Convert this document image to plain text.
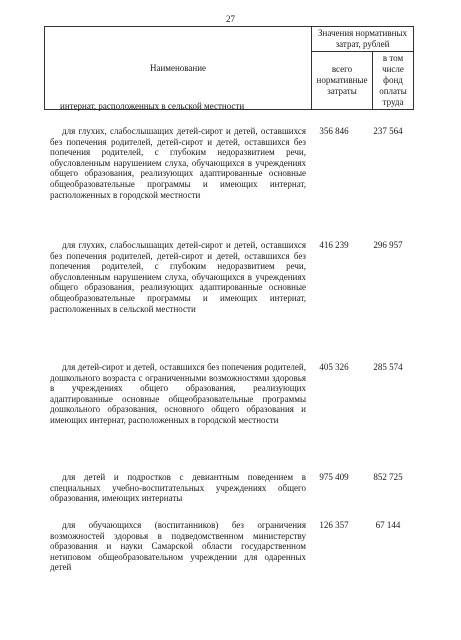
27
Наименование	Значения нормативных затрат, рублей	
	всего нормативные затраты	в том числе фонд оплаты труда
интернат, расположенных в сельской местности
для глухих, слабослышащих детей-сирот и детей, оставшихся без попечения родителей, детей-сирот и детей, оставшихся без попечения родителей, с глубоким недоразвитием речи, обусловленным нарушением слуха, обучающихся в учреждениях общего образования, реализующих адаптированные основные общеобразовательные программы и имеющих интернат, расположенных в городской местности
356 846	237 564
для глухих, слабослышащих детей-сирот и детей, оставшихся без попечения родителей, детей-сирот и детей, оставшихся без попечения родителей, с глубоким недоразвитием речи, обусловленным нарушением слуха, обучающихся в учреждениях общего образования, реализующих адаптированные основные общеобразовательные программы и имеющих интернат, расположенных в сельской местности
416 239	296 957
для детей-сирот и детей, оставшихся без попечения родителей, дошкольного возраста с ограниченными возможностями здоровья в учреждениях общего образования, реализующих адаптированные основные общеобразовательные программы дошкольного образования, основного общего образования и имеющих интернат, расположенных в городской местности
405 326	285 574
для детей и подростков с девиантным поведением в специальных учебно-воспитательных учреждениях общего образования, имеющих интернаты
975 409	852 725
для обучающихся (воспитанников) без ограничения возможностей здоровья в подведомственном министерству образования и науки Самарской области государственном нетиповом общеобразовательном учреждении для одаренных детей
126 357	67 144
